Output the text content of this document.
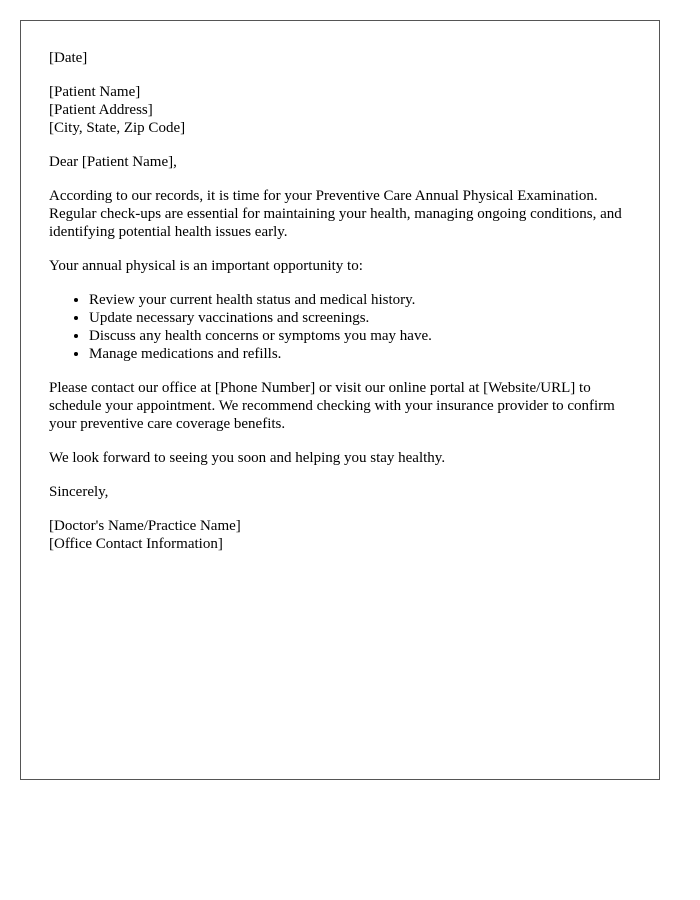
[Date]

[Patient Name]
[Patient Address]
[City, State, Zip Code]

Dear [Patient Name],

According to our records, it is time for your Preventive Care Annual Physical Examination. Regular check-ups are essential for maintaining your health, managing ongoing conditions, and identifying potential health issues early.

Your annual physical is an important opportunity to:

• Review your current health status and medical history.
• Update necessary vaccinations and screenings.
• Discuss any health concerns or symptoms you may have.
• Manage medications and refills.

Please contact our office at [Phone Number] or visit our online portal at [Website/URL] to schedule your appointment. We recommend checking with your insurance provider to confirm your preventive care coverage benefits.

We look forward to seeing you soon and helping you stay healthy.

Sincerely,

[Doctor's Name/Practice Name]
[Office Contact Information]
